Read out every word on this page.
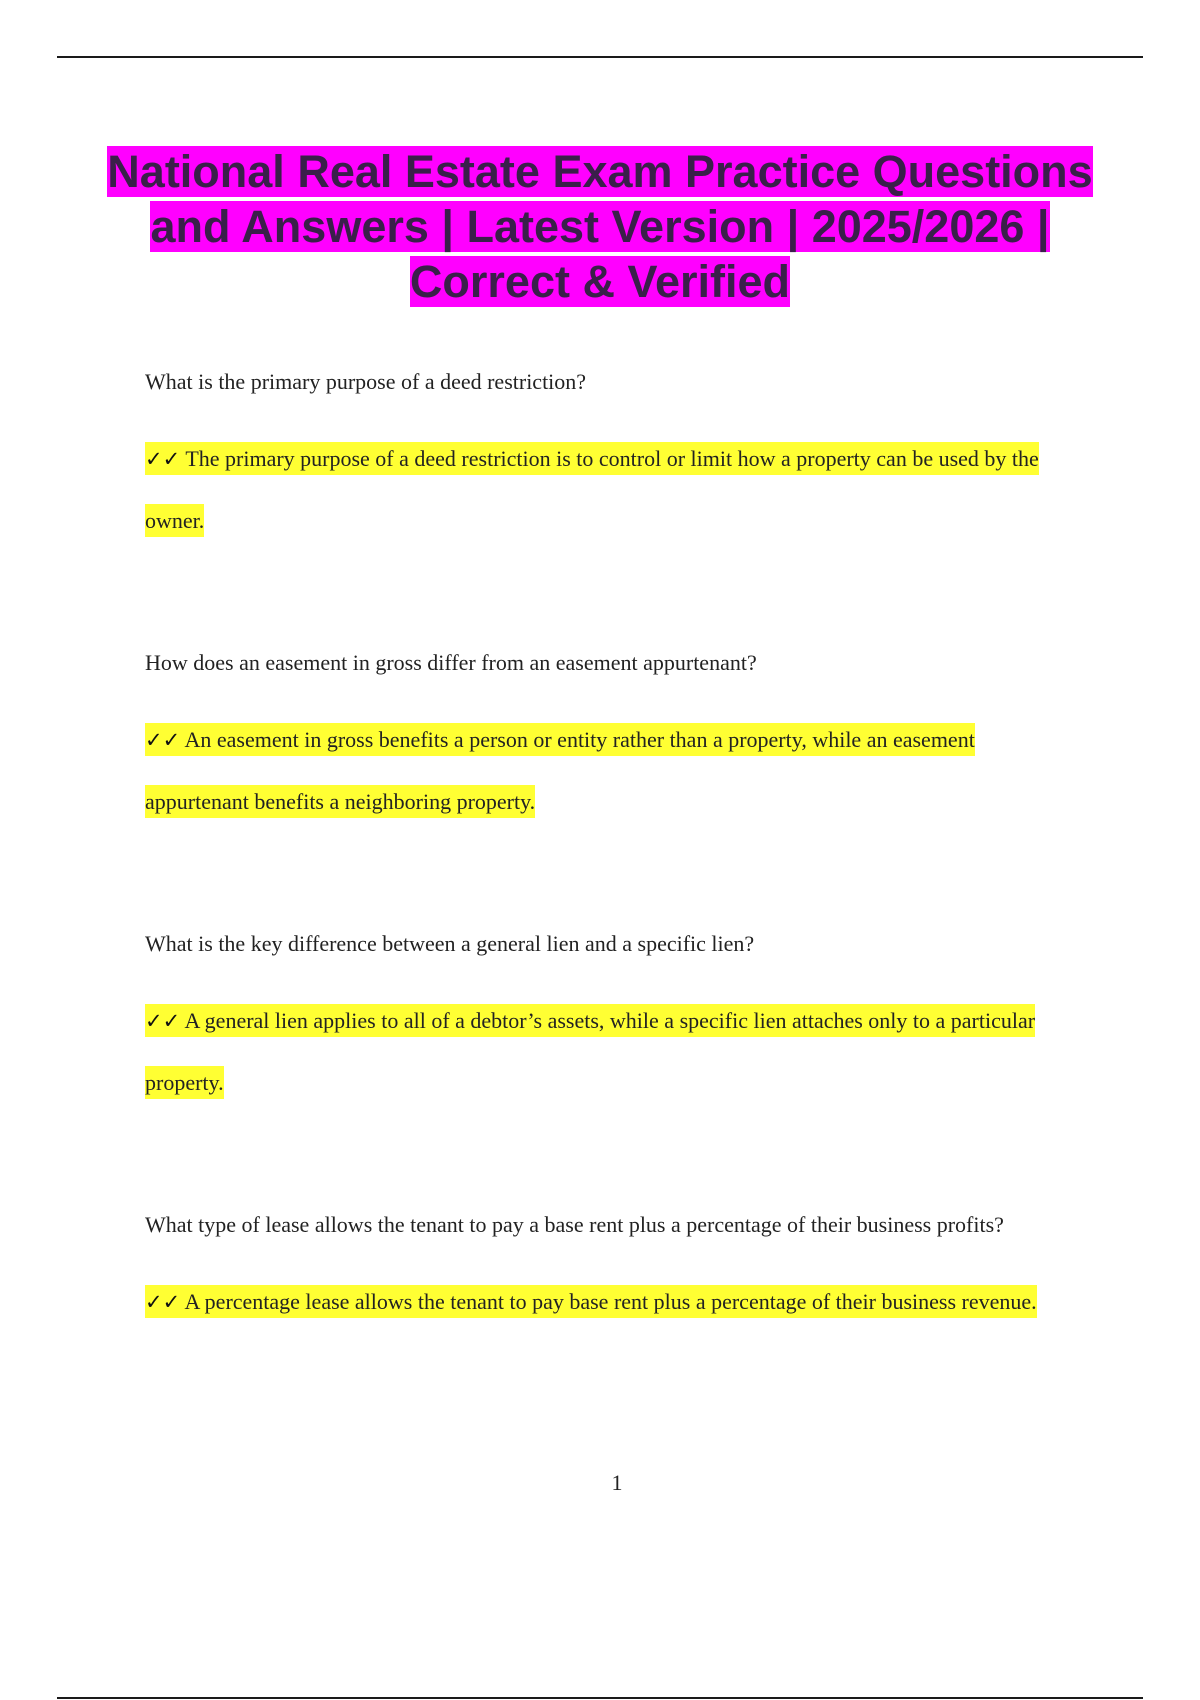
National Real Estate Exam Practice Questions and Answers | Latest Version | 2025/2026 | Correct & Verified

What is the primary purpose of a deed restriction?

✓✓ The primary purpose of a deed restriction is to control or limit how a property can be used by the owner.

How does an easement in gross differ from an easement appurtenant?

✓✓ An easement in gross benefits a person or entity rather than a property, while an easement appurtenant benefits a neighboring property.

What is the key difference between a general lien and a specific lien?

✓✓ A general lien applies to all of a debtor’s assets, while a specific lien attaches only to a particular property.

What type of lease allows the tenant to pay a base rent plus a percentage of their business profits?

✓✓ A percentage lease allows the tenant to pay base rent plus a percentage of their business revenue.

1
